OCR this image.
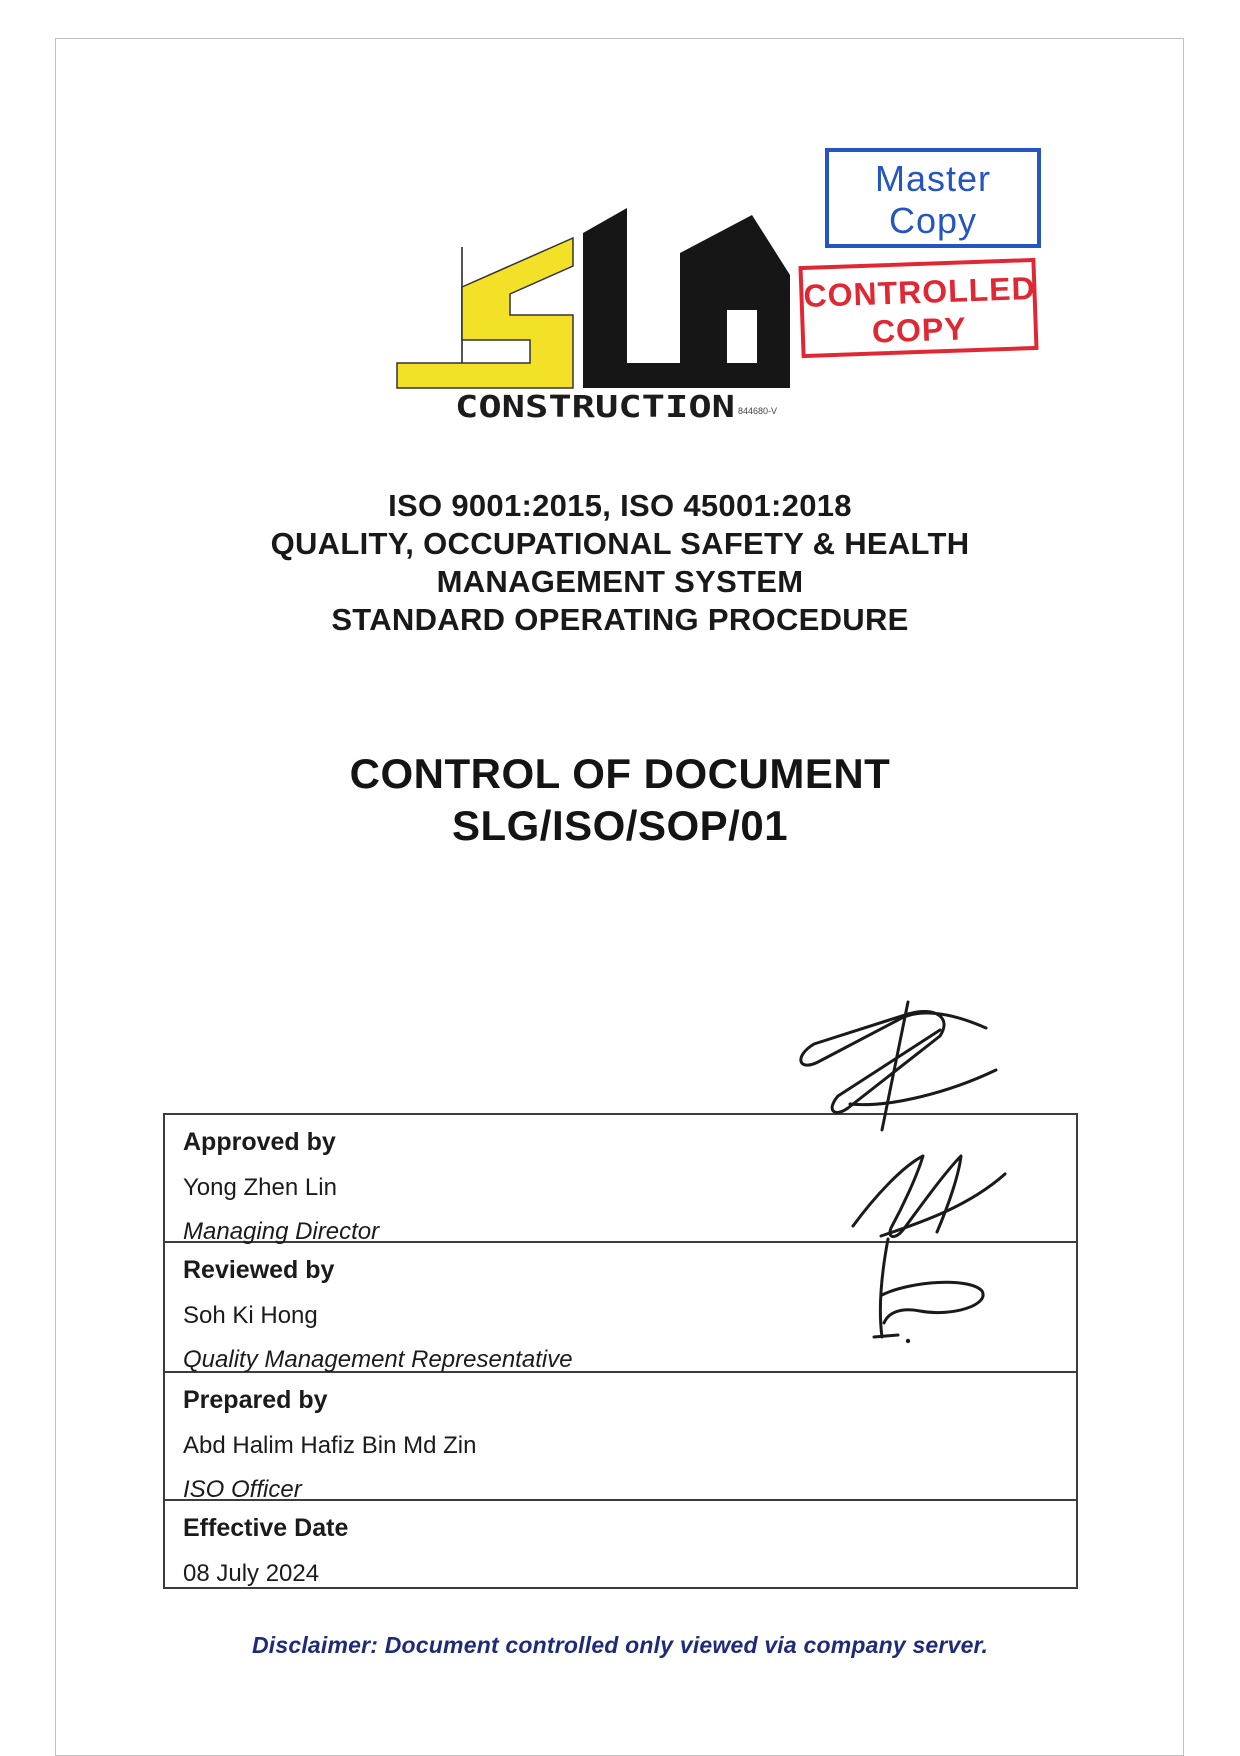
Master
Copy
CONTROLLED
COPY
CONSTRUCTION 844680-V
ISO 9001:2015, ISO 45001:2018
QUALITY, OCCUPATIONAL SAFETY & HEALTH
MANAGEMENT SYSTEM
STANDARD OPERATING PROCEDURE
CONTROL OF DOCUMENT
SLG/ISO/SOP/01
Approved by
Yong Zhen Lin
Managing Director
Reviewed by
Soh Ki Hong
Quality Management Representative
Prepared by
Abd Halim Hafiz Bin Md Zin
ISO Officer
Effective Date
08 July 2024
Disclaimer: Document controlled only viewed via company server.
